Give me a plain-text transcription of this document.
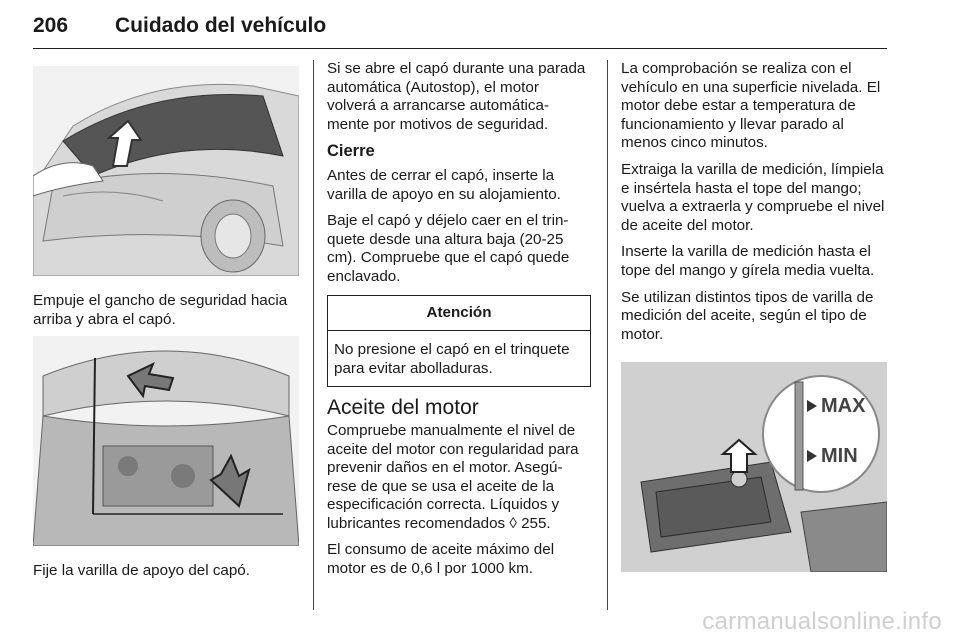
206 Cuidado del vehículo
Empuje el gancho de seguridad hacia arriba y abra el capó.
Fije la varilla de apoyo del capó.

Si se abre el capó durante una parada automática (Autostop), el motor volverá a arrancarse automática-mente por motivos de seguridad.

Cierre

Antes de cerrar el capó, inserte la varilla de apoyo en su alojamiento.

Baje el capó y déjelo caer en el trin-quete desde una altura baja (20-25 cm). Compruebe que el capó quede enclavado.

Atención
No presione el capó en el trinquete para evitar abolladuras.
Aceite del motor

Compruebe manualmente el nivel de aceite del motor con regularidad para prevenir daños en el motor. Asegú-rese de que se usa el aceite de la especificación correcta. Líquidos y lubricantes recomendados ◊ 255.

El consumo de aceite máximo del motor es de 0,6 l por 1000 km.

La comprobación se realiza con el vehículo en una superficie nivelada. El motor debe estar a temperatura de funcionamiento y llevar parado al menos cinco minutos.

Extraiga la varilla de medición, límpiela e insértela hasta el tope del mango; vuelva a extraerla y compruebe el nivel de aceite del motor.

Inserte la varilla de medición hasta el tope del mango y gírela media vuelta.

Se utilizan distintos tipos de varilla de medición del aceite, según el tipo de motor.

MAX
MIN
carmanualsonline.info
